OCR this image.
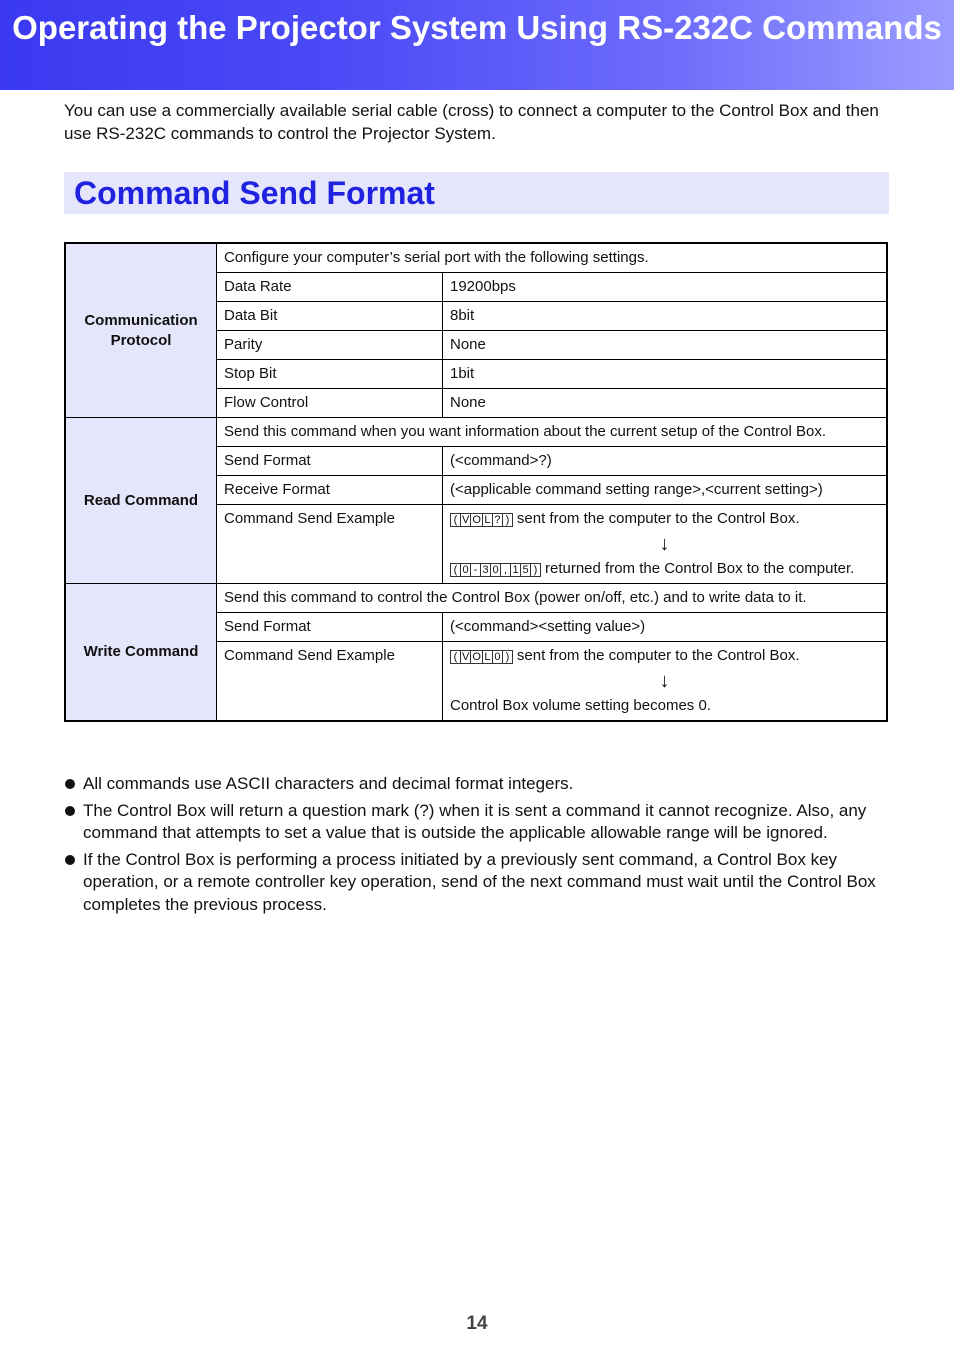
Operating the Projector System Using RS-232C Commands
You can use a commercially available serial cable (cross) to connect a computer to the Control Box and then use RS-232C commands to control the Projector System.
Command Send Format
Communication Protocol	Configure your computer’s serial port with the following settings.	
	Data Rate	19200bps
	Data Bit	8bit
	Parity	None
	Stop Bit	1bit
	Flow Control	None
Read Command	Send this command when you want information about the current setup of the Control Box.	
	Send Format	(<command>?)
	Receive Format	(<applicable command setting range>,<current setting>)
	Command Send Example	( V O L ? ) sent from the computer to the Control Box.
↓
( 0 - 3 0 , 1 5 ) returned from the Control Box to the computer.

Write Command	Send this command to control the Control Box (power on/off, etc.) and to write data to it.	
	Send Format	(<command><setting value>)
	Command Send Example	( V O L 0 ) sent from the computer to the Control Box.
↓
Control Box volume setting becomes 0.
All commands use ASCII characters and decimal format integers.
The Control Box will return a question mark (?) when it is sent a command it cannot recognize. Also, any command that attempts to set a value that is outside the applicable allowable range will be ignored.
If the Control Box is performing a process initiated by a previously sent command, a Control Box key operation, or a remote controller key operation, send of the next command must wait until the Control Box completes the previous process.
14
